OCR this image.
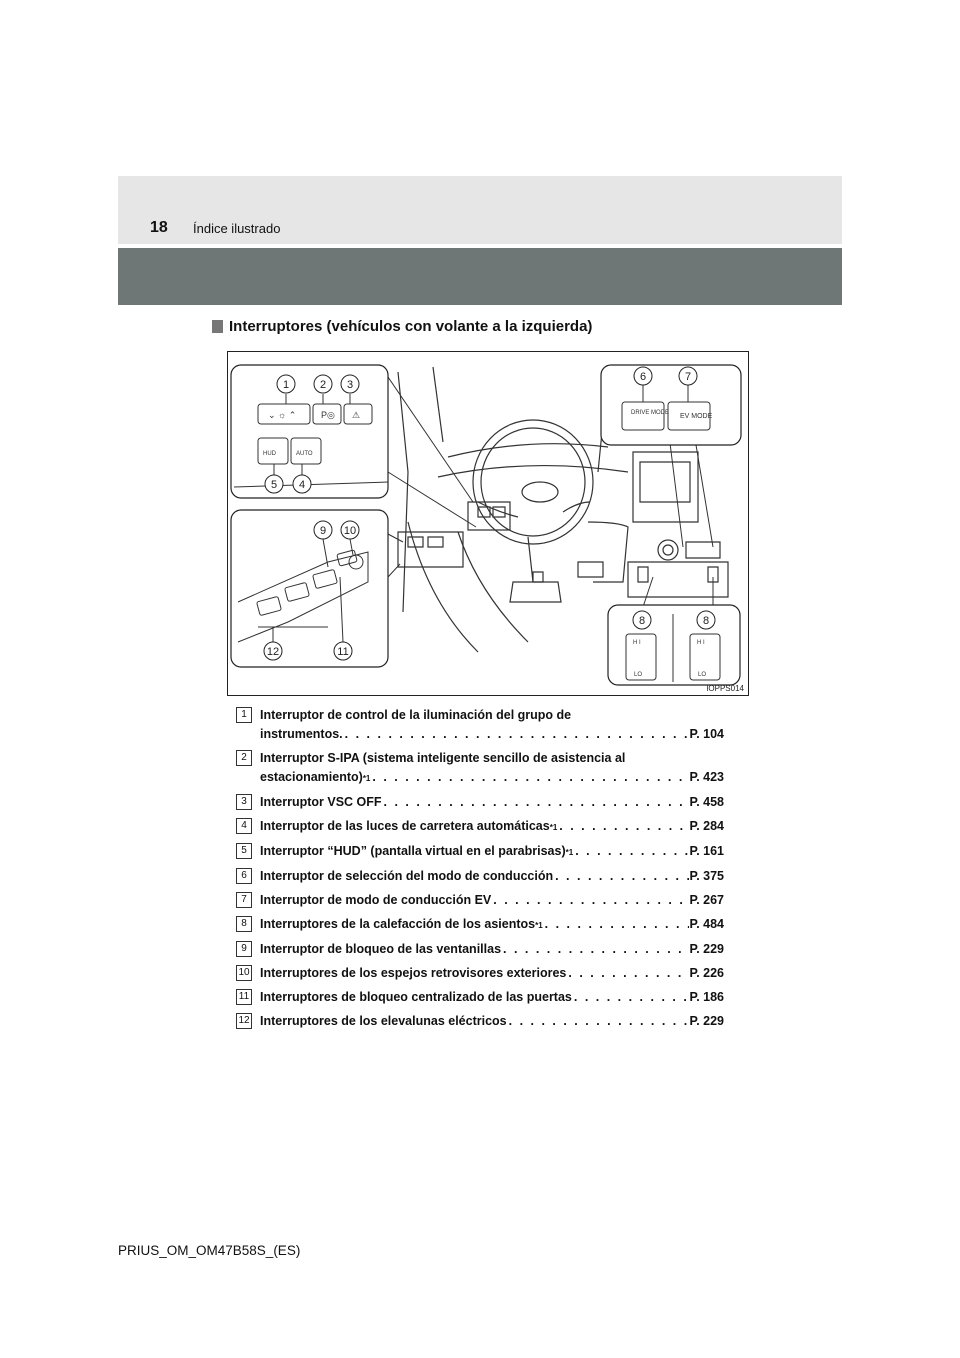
18 Índice ilustrado
Interruptores (vehículos con volante a la izquierda)
⌄ ☼ ⌃	P◎ ⚠
HUD	AUTO
1	2 3
4
5
9 10
11
12
DRIVE MODE EV MODE
6	7
H I
LO
H I
LO
8	8
IOPPS014
1	Interruptor de control de la iluminación del grupo de
instrumentos. . . .	P. 104
2	Interruptor S-IPA (sistema inteligente sencillo de asistencia al
estacionamiento) *1 . . .	P. 423
3	Interruptor VSC OFF . . .	P. 458
4	Interruptor de las luces de carretera automáticas *1 . . .	P. 284
5	Interruptor “HUD” (pantalla virtual en el parabrisas) *1 . . .	P. 161
6	Interruptor de selección del modo de conducción . . .	P. 375
7	Interruptor de modo de conducción EV . . .	P. 267
8	Interruptores de la calefacción de los asientos *1 . . .	P. 484
9	Interruptor de bloqueo de las ventanillas . . .	P. 229
10 Interruptores de los espejos retrovisores exteriores . . .	P. 226
11 Interruptores de bloqueo centralizado de las puertas . . .	P. 186
12 Interruptores de los elevalunas eléctricos . . .	P. 229
PRIUS_OM_OM47B58S_(ES)
